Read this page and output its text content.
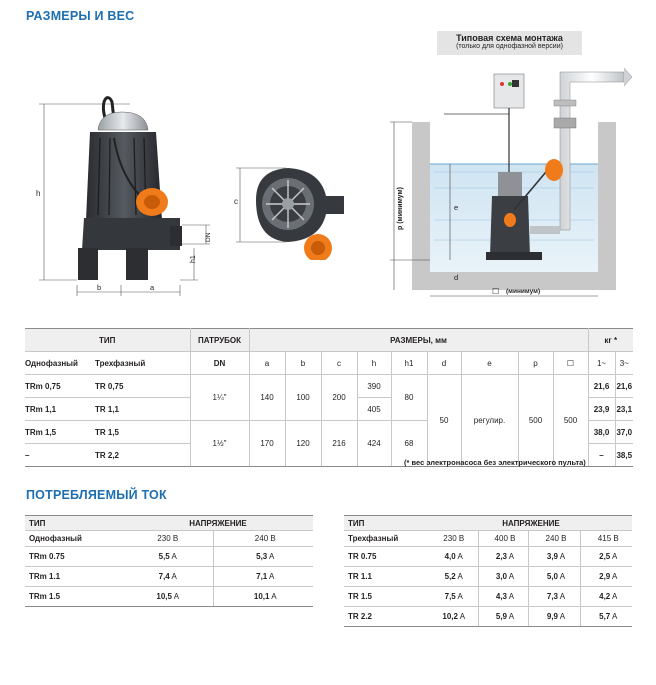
РАЗМЕРЫ И ВЕС
Типовая схема монтажа
(только для однофазной версии)
h
h1
DN
b	a
c	p (минимум)	e
d
☐ (минимум)
ТИП		ПАТРУБОК	РАЗМЕРЫ, мм									кг *	
Однофазный	Трехфазный	DN	a	b	c	h	h1	d	e	p	☐	1~	3~
TRm 0,75	TR 0,75	1¼"	140	100	200	390	80	50	регулир.	500	500	21,6	21,6
TRm 1,1	TR 1,1					405						23,9	23,1
TRm 1,5	TR 1,5	1½"	170	120	216	424	68					38,0	37,0
–	TR 2,2											–	38,5
(* вес электронасоса без электрического пульта)
ПОТРЕБЛЯЕМЫЙ ТОК
ТИП	НАПРЯЖЕНИЕ	
Однофазный	230 В	240 В
TRm 0.75	5,5 A	5,3 A
TRm 1.1	7,4 A	7,1 A
TRm 1.5	10,5 A	10,1 A
ТИП	НАПРЯЖЕНИЕ			
Трехфазный	230 В	400 В	240 В	415 В
TR 0.75	4,0 A	2,3 A	3,9 A	2,5 A
TR 1.1	5,2 A	3,0 A	5,0 A	2,9 A
TR 1.5	7,5 A	4,3 A	7,3 A	4,2 A
TR 2.2	10,2 A	5,9 A	9,9 A	5,7 A
